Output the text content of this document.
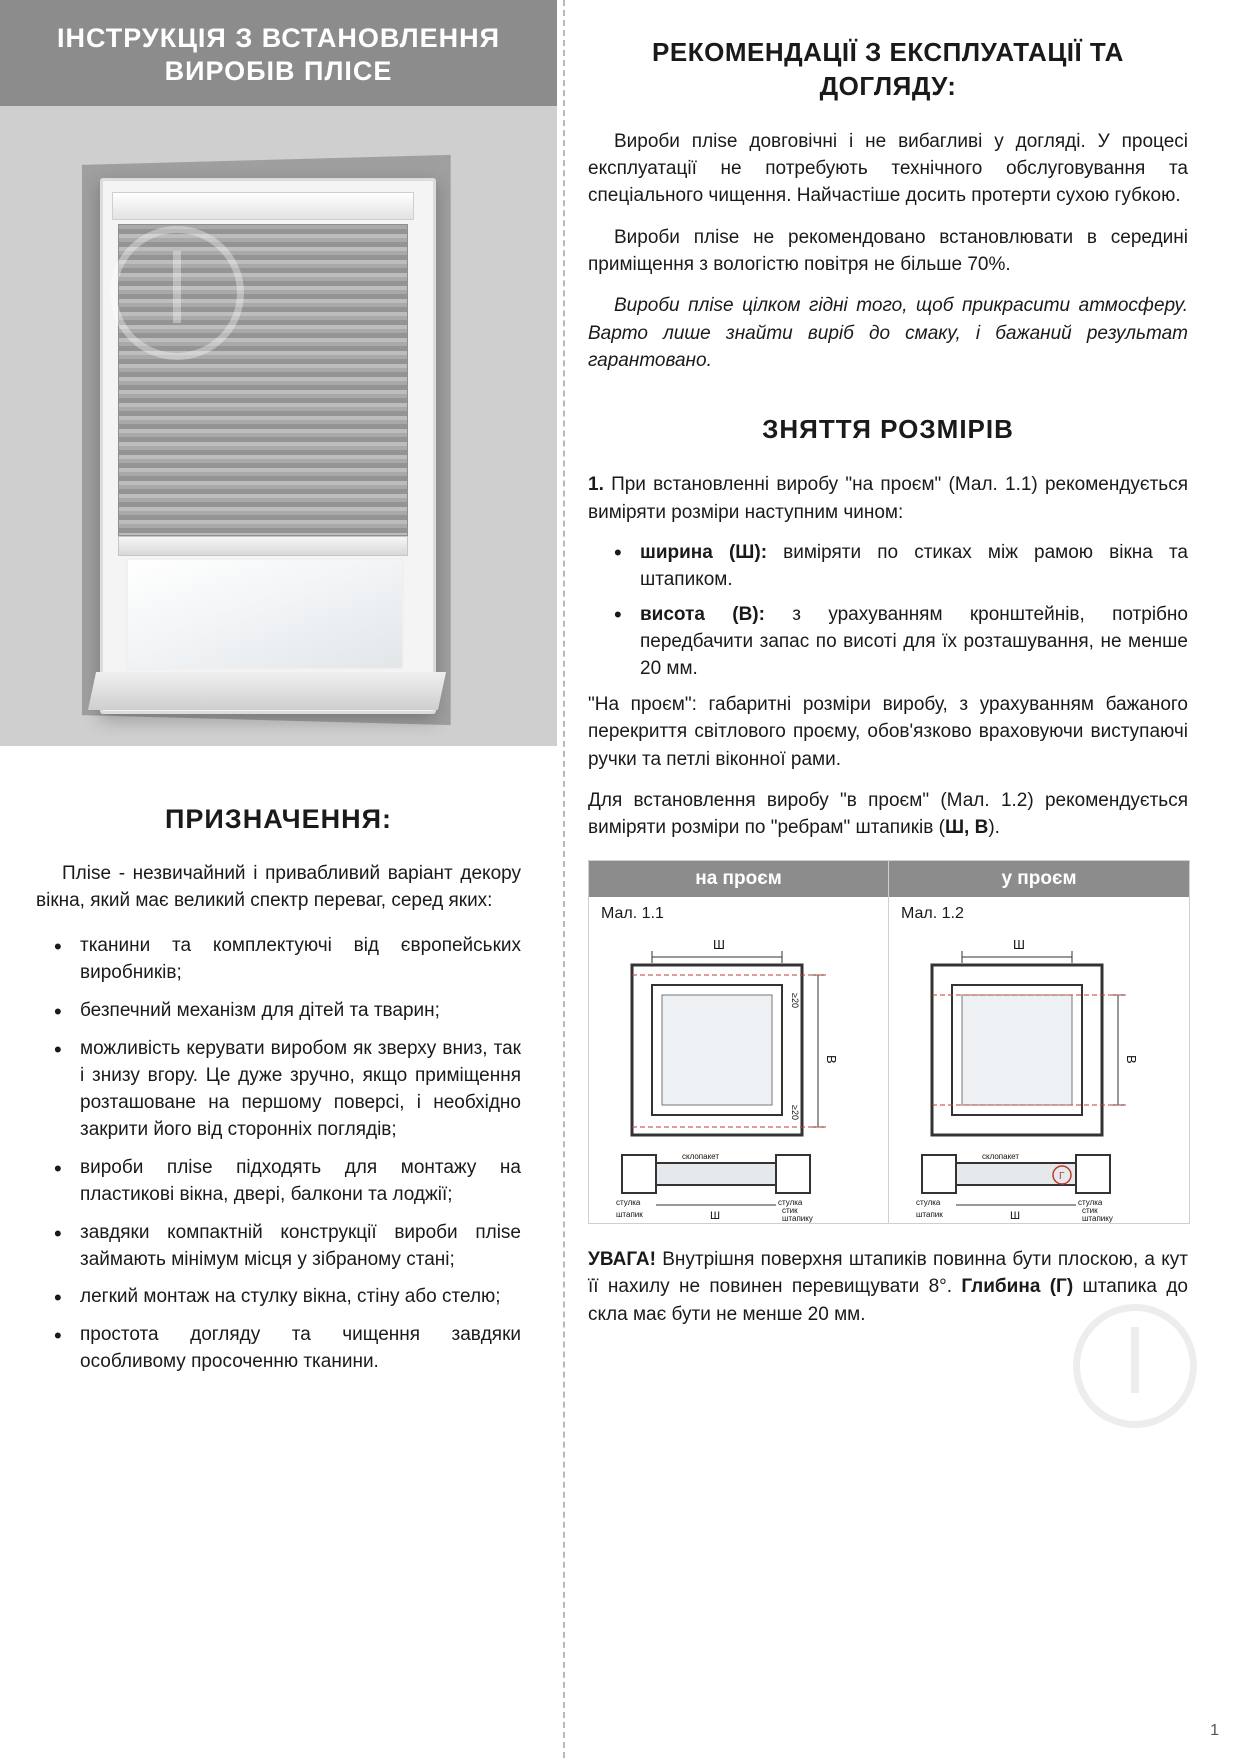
ІНСТРУКЦІЯ З ВСТАНОВЛЕННЯ ВИРОБІВ ПЛІСЕ
ПРИЗНАЧЕННЯ:

Пліse - незвичайний і привабливий варіант декору вікна, який має великий спектр переваг, серед яких:

• тканини та комплектуючі від європейських виробників;
• безпечний механізм для дітей та тварин;
• можливість керувати виробом як зверху вниз, так і знизу вгору. Це дуже зручно, якщо приміщення розташоване на першому поверсі, і необхідно закрити його від сторонніх поглядів;
• вироби пліse підходять для монтажу на пластикові вікна, двері, балкони та лоджії;
• завдяки компактній конструкції вироби пліse займають мінімум місця у зібраному стані;
• легкий монтаж на стулку вікна, стіну або стелю;
• простота догляду та чищення завдяки особливому просоченню тканини.
РЕКОМЕНДАЦІЇ З ЕКСПЛУАТАЦІЇ ТА ДОГЛЯДУ:

Вироби пліse довговічні і не вибагливі у догляді. У процесі експлуатації не потребують технічного обслуговування та спеціального чищення. Найчастіше досить протерти сухою губкою.

Вироби пліse не рекомендовано встановлювати в середині приміщення з вологістю повітря не більше 70%.

Вироби пліse цілком гідні того, щоб прикрасити атмосферу. Варто лише знайти виріб до смаку, і бажаний результат гарантовано.

ЗНЯТТЯ РОЗМІРІВ

1. При встановленні виробу "на проєм" (Мал. 1.1) рекомендується виміряти розміри наступним чином:

• ширина (Ш): виміряти по стиках між рамою вікна та штапиком.
• висота (В): з урахуванням кронштейнів, потрібно передбачити запас по висоті для їх розташування, не менше 20 мм.

"На проєм": габаритні розміри виробу, з урахуванням бажаного перекриття світлового проєму, обов'язково враховуючи виступаючі ручки та петлі віконної рами.

Для встановлення виробу "в проєм" (Мал. 1.2) рекомендується виміряти розміри по "ребрам" штапиків (Ш, В).

на проєм
Мал. 1.1
Ш
В
≥20
≥20
стулка
склопакет
стулка
штапик	стик
штапику
Ш
у проєм
Мал. 1.2
Ш
В
стулка
склопакет
стулка
штапик	стик
штапику
Г
Ш

УВАГА! Внутрішня поверхня штапиків повинна бути плоскою, а кут її нахилу не повинен перевищувати 8°. Глибина (Г) штапика до скла має бути не менше 20 мм.

1
